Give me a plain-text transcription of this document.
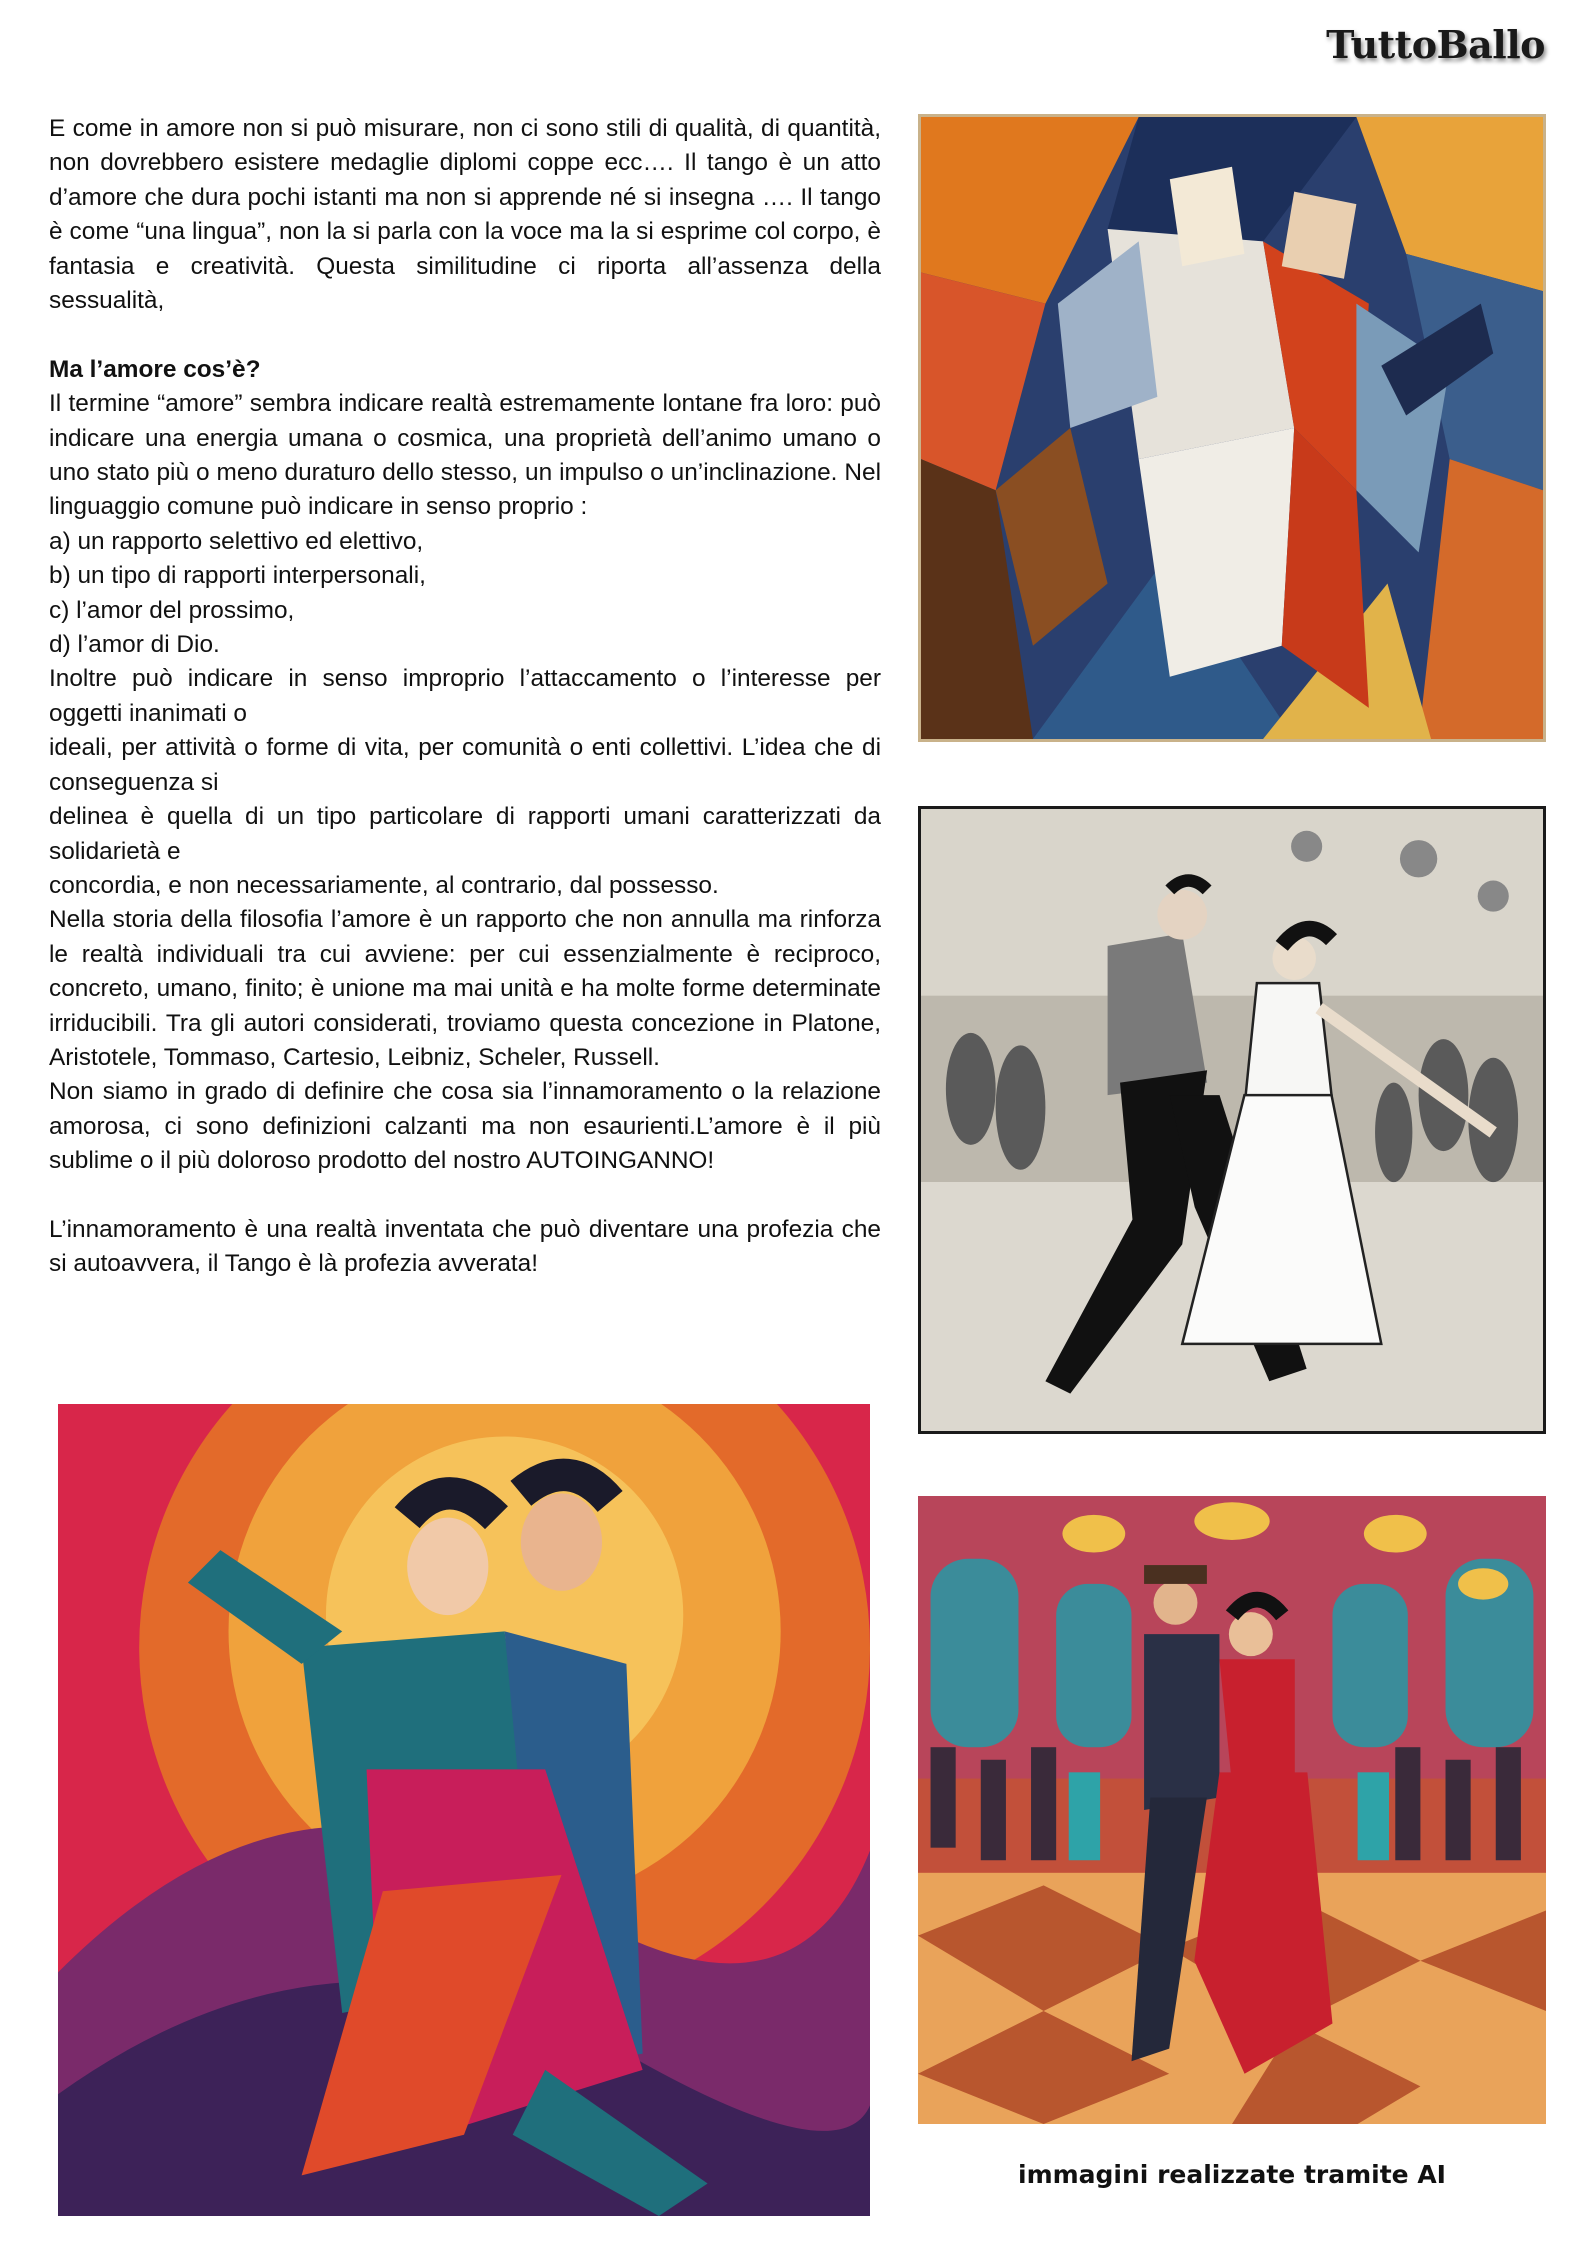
TuttoBallo

E come in amore non si può misurare, non ci sono stili di qualità, di quantità, non dovrebbero esistere medaglie diplomi coppe ecc…. Il tango è un atto d’amore che dura pochi istanti ma non si apprende né si insegna …. Il tango è come “una lingua”, non la si parla con la voce ma la si esprime col corpo, è fantasia e creatività. Questa similitudine ci riporta all’assenza della sessualità,

Ma l’amore cos’è?

Il termine “amore” sembra indicare realtà estremamente lontane fra loro: può indicare una energia umana o cosmica, una proprietà dell’animo umano o uno stato più o meno duraturo dello stesso, un impulso o un’inclinazione. Nel linguaggio comune può indicare in senso proprio :

a) un rapporto selettivo ed elettivo,

b) un tipo di rapporti interpersonali,

c) l’amor del prossimo,

d) l’amor di Dio.

Inoltre può indicare in senso improprio l’attaccamento o l’interesse per oggetti inanimati o

ideali, per attività o forme di vita, per comunità o enti collettivi. L’idea che di conseguenza si

delinea è quella di un tipo particolare di rapporti umani caratterizzati da solidarietà e

concordia, e non necessariamente, al contrario, dal possesso.

Nella storia della filosofia l’amore è un rapporto che non annulla ma rinforza le realtà individuali tra cui avviene: per cui essenzialmente è reciproco, concreto, umano, finito; è unione ma mai unità e ha molte forme determinate irriducibili. Tra gli autori considerati, troviamo questa concezione in Platone, Aristotele, Tommaso, Cartesio, Leibniz, Scheler, Russell.

Non siamo in grado di definire che cosa sia l’innamoramento o la relazione amorosa, ci sono definizioni calzanti ma non esaurienti.L’amore è il più sublime o il più doloroso prodotto del nostro AUTOINGANNO!

L’innamoramento è una realtà inventata che può diventare una profezia che si autoavvera, il Tango è là profezia avverata!

immagini realizzate tramite AI
